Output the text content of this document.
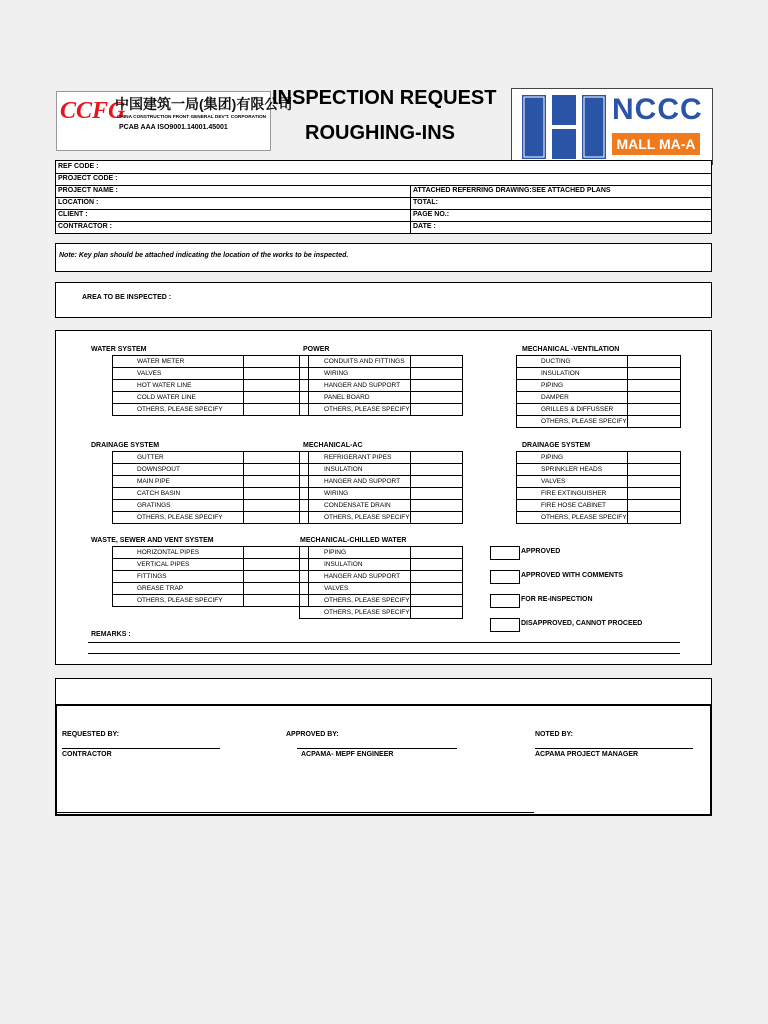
CCFG
中国建筑一局(集团)有限公司
CHINA CONSTRUCTION FRONT GENERAL DEV'T. CORPORATION
PCAB AAA ISO9001.14001.45001
INSPECTION REQUEST
ROUGHING-INS
NCCC
MALL MA-A
REF CODE :
PROJECT CODE :
PROJECT NAME :	ATTACHED REFERRING DRAWING:SEE ATTACHED PLANS
LOCATION :	TOTAL:
CLIENT :	PAGE NO.:
CONTRACTOR :	DATE :
Note: Key plan should be attached indicating the location of the works to be inspected.
AREA TO BE INSPECTED :
WATER SYSTEM
WATER METER	
VALVES	
HOT WATER LINE	
COLD WATER LINE	
OTHERS, PLEASE SPECIFY	
POWER
CONDUITS AND FITTINGS	
WIRING	
HANGER AND SUPPORT	
PANEL BOARD	
OTHERS, PLEASE SPECIFY	
MECHANICAL -VENTILATION
DUCTING	
INSULATION	
PIPING	
DAMPER	
GRILLES & DIFFUSSER	
OTHERS, PLEASE SPECIFY	
DRAINAGE SYSTEM
GUTTER	
DOWNSPOUT	
MAIN PIPE	
CATCH BASIN	
GRATINGS	
OTHERS, PLEASE SPECIFY	
MECHANICAL-AC
REFRIGERANT PIPES	
INSULATION	
HANGER AND SUPPORT	
WIRING	
CONDENSATE DRAIN	
OTHERS, PLEASE SPECIFY	
DRAINAGE SYSTEM
PIPING	
SPRINKLER HEADS	
VALVES	
FIRE EXTINGUISHER	
FIRE HOSE CABINET	
OTHERS, PLEASE SPECIFY	
WASTE, SEWER AND VENT SYSTEM
HORIZONTAL PIPES	
VERTICAL PIPES	
FITTINGS	
GREASE TRAP	
OTHERS, PLEASE SPECIFY	
MECHANICAL-CHILLED WATER
PIPING	
INSULATION	
HANGER AND SUPPORT	
VALVES	
OTHERS, PLEASE SPECIFY	
OTHERS, PLEASE SPECIFY	
APPROVED
APPROVED WITH COMMENTS
FOR RE-INSPECTION
DISAPPROVED, CANNOT PROCEED
REMARKS :
REQUESTED BY:
CONTRACTOR
APPROVED BY:
ACPAMA- MEPF ENGINEER
NOTED BY:
ACPAMA PROJECT MANAGER
